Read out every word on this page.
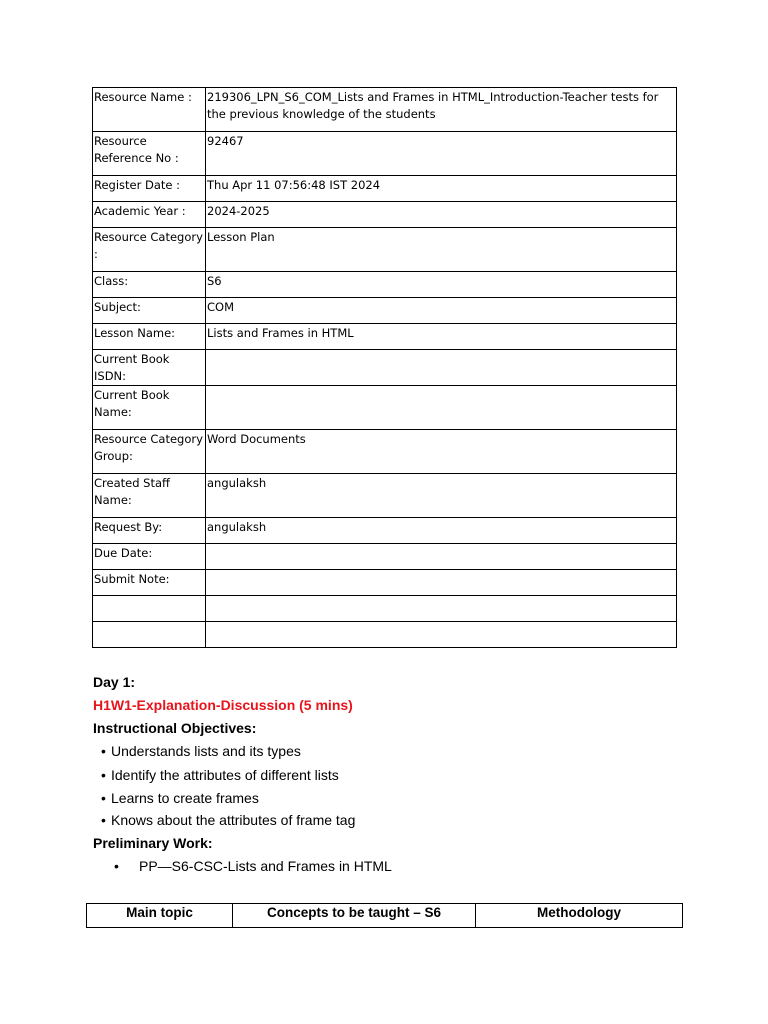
Resource Name :	219306_LPN_S6_COM_Lists and Frames in HTML_Introduction-Teacher tests for the previous knowledge of the students
Resource Reference No :	92467
Register Date :	Thu Apr 11 07:56:48 IST 2024
Academic Year :	2024-2025
Resource Category :	Lesson Plan
Class:	S6
Subject:	COM
Lesson Name:	Lists and Frames in HTML
Current Book ISDN:	
Current Book Name:	
Resource Category Group:	Word Documents
Created Staff Name:	angulaksh
Request By:	angulaksh
Due Date:	
Submit Note:	

Day 1:
H1W1-Explanation-Discussion (5 mins)
Instructional Objectives:
• Understands lists and its types
• Identify the attributes of different lists
• Learns to create frames
• Knows about the attributes of frame tag
Preliminary Work:
• PP—S6-CSC-Lists and Frames in HTML
Main topic	Concepts to be taught – S6	Methodology
